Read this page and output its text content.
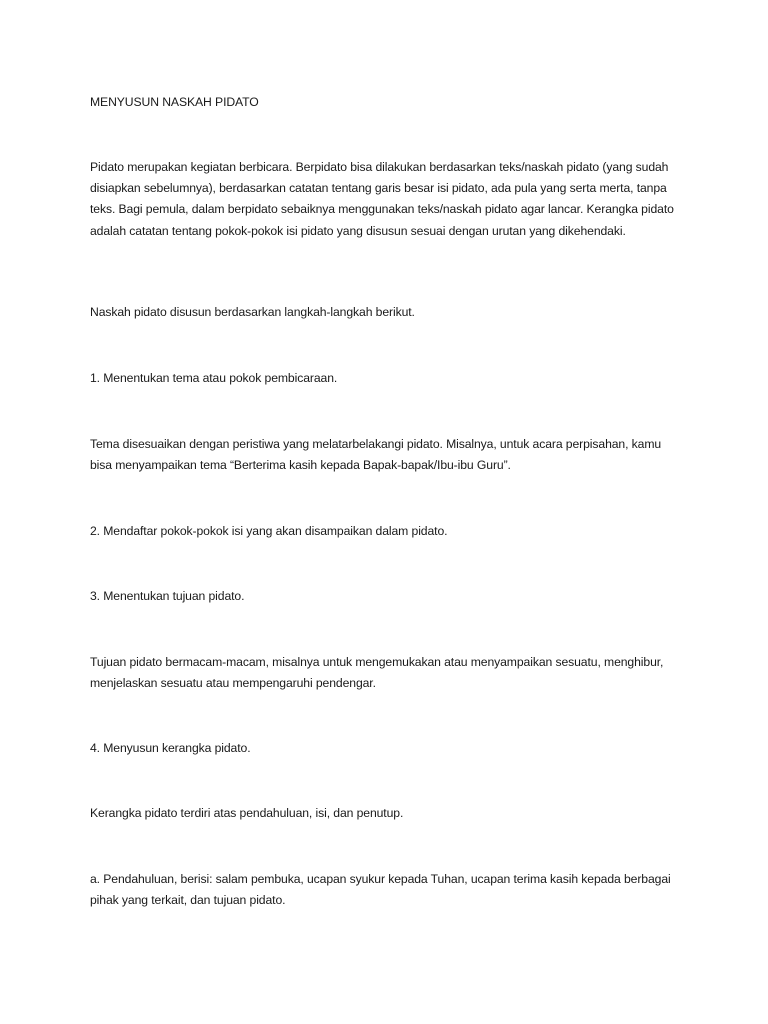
MENYUSUN NASKAH PIDATO

Pidato merupakan kegiatan berbicara. Berpidato bisa dilakukan berdasarkan teks/naskah pidato (yang sudah disiapkan sebelumnya), berdasarkan catatan tentang garis besar isi pidato, ada pula yang serta merta, tanpa teks. Bagi pemula, dalam berpidato sebaiknya menggunakan teks/naskah pidato agar lancar. Kerangka pidato adalah catatan tentang pokok-pokok isi pidato yang disusun sesuai dengan urutan yang dikehendaki.

Naskah pidato disusun berdasarkan langkah-langkah berikut.

1. Menentukan tema atau pokok pembicaraan.

Tema disesuaikan dengan peristiwa yang melatarbelakangi pidato. Misalnya, untuk acara perpisahan, kamu bisa menyampaikan tema “Berterima kasih kepada Bapak-bapak/Ibu-ibu Guru”.

2. Mendaftar pokok-pokok isi yang akan disampaikan dalam pidato.

3. Menentukan tujuan pidato.

Tujuan pidato bermacam-macam, misalnya untuk mengemukakan atau menyampaikan sesuatu, menghibur, menjelaskan sesuatu atau mempengaruhi pendengar.

4. Menyusun kerangka pidato.

Kerangka pidato terdiri atas pendahuluan, isi, dan penutup.

a. Pendahuluan, berisi: salam pembuka, ucapan syukur kepada Tuhan, ucapan terima kasih kepada berbagai pihak yang terkait, dan tujuan pidato.
